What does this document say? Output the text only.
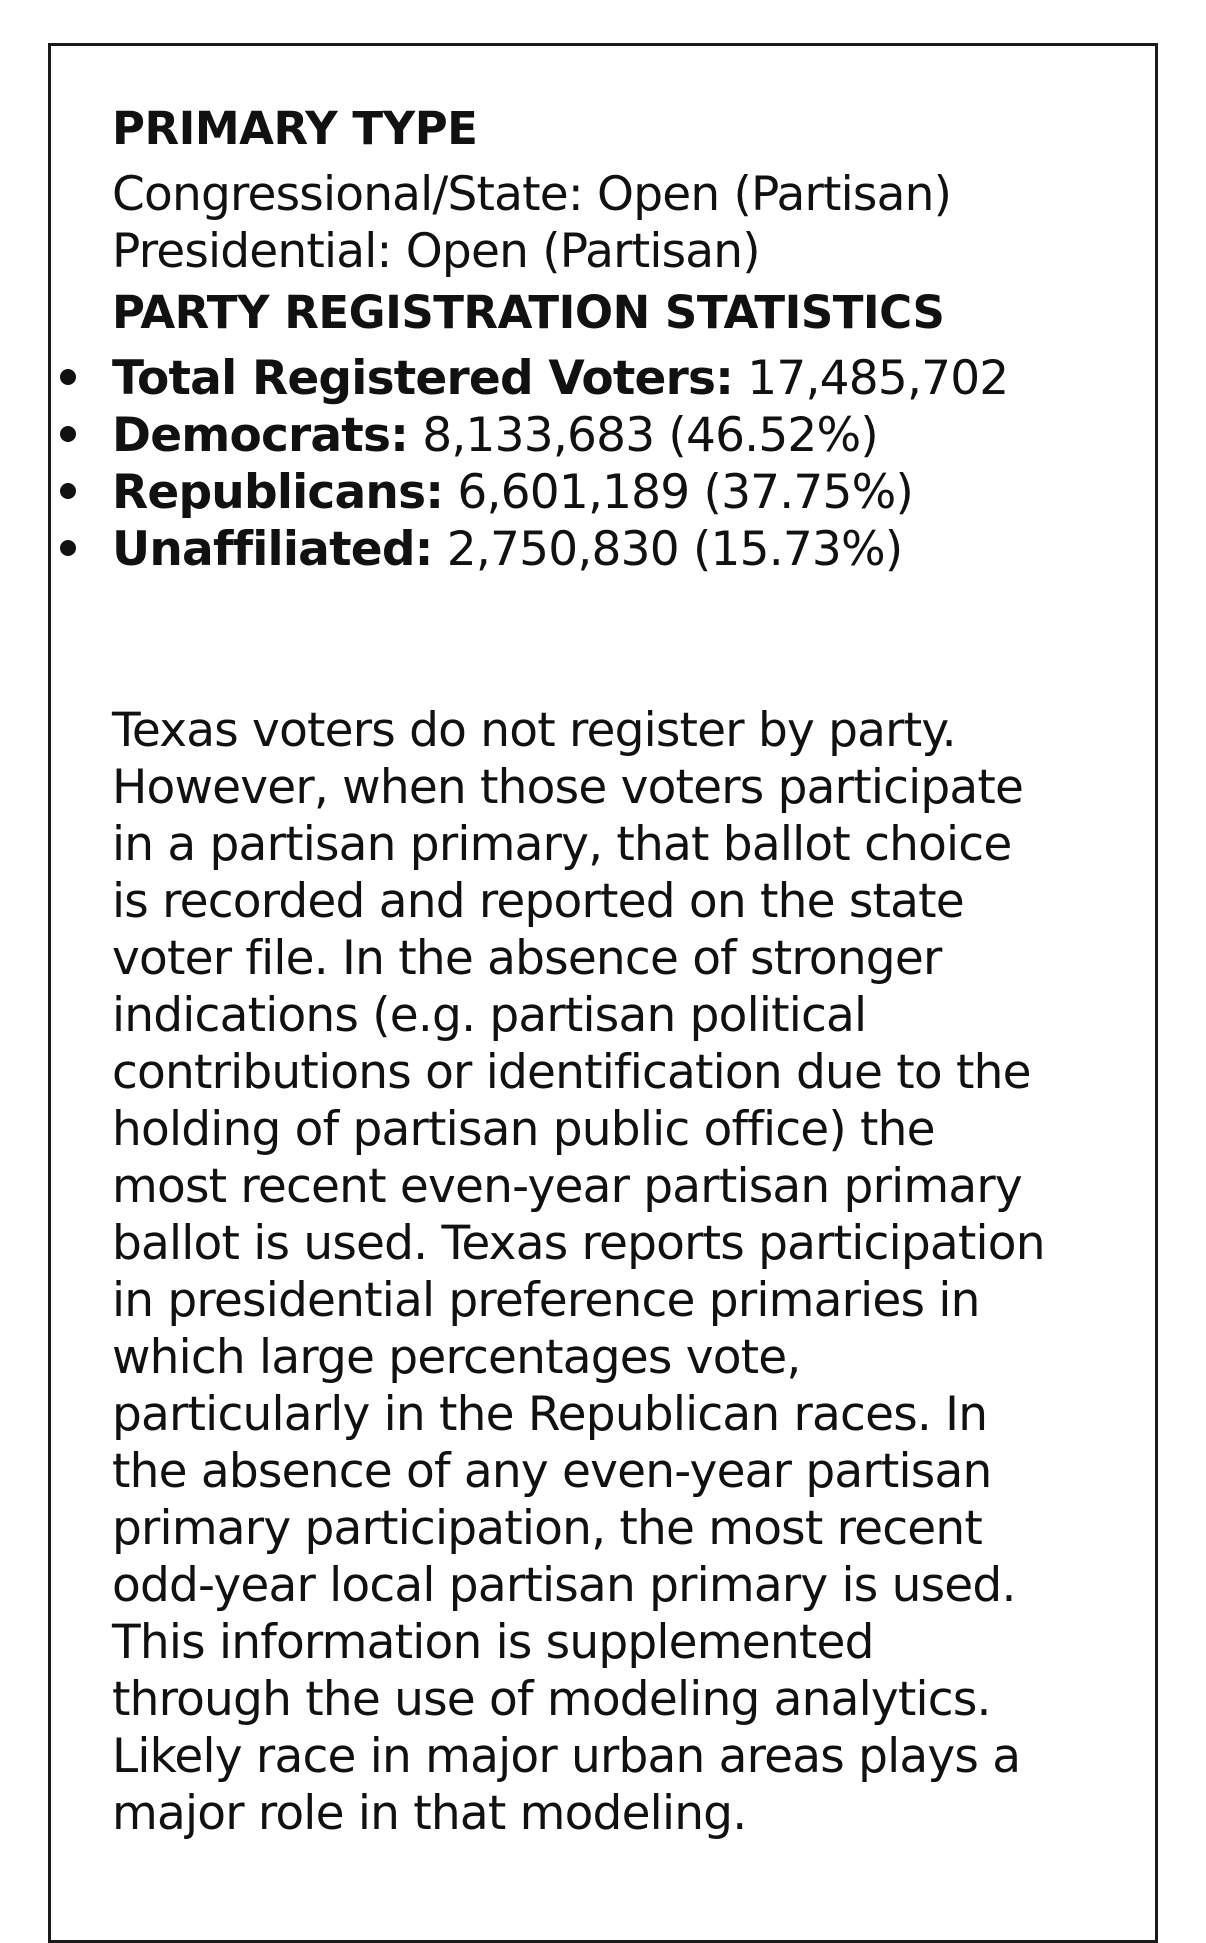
PRIMARY TYPE

Congressional/State: Open (Partisan)

Presidential: Open (Partisan)

PARTY REGISTRATION STATISTICS
Total Registered Voters: 17,485,702
Democrats: 8,133,683 (46.52%)
Republicans: 6,601,189 (37.75%)
Unaffiliated: 2,750,830 (15.73%)
Texas voters do not register by party.
However, when those voters participate
in a partisan primary, that ballot choice
is recorded and reported on the state
voter file. In the absence of stronger
indications (e.g. partisan political
contributions or identification due to the
holding of partisan public office) the
most recent even-year partisan primary
ballot is used. Texas reports participation
in presidential preference primaries in
which large percentages vote,
particularly in the Republican races. In
the absence of any even-year partisan
primary participation, the most recent
odd-year local partisan primary is used.
This information is supplemented
through the use of modeling analytics.
Likely race in major urban areas plays a
major role in that modeling.
